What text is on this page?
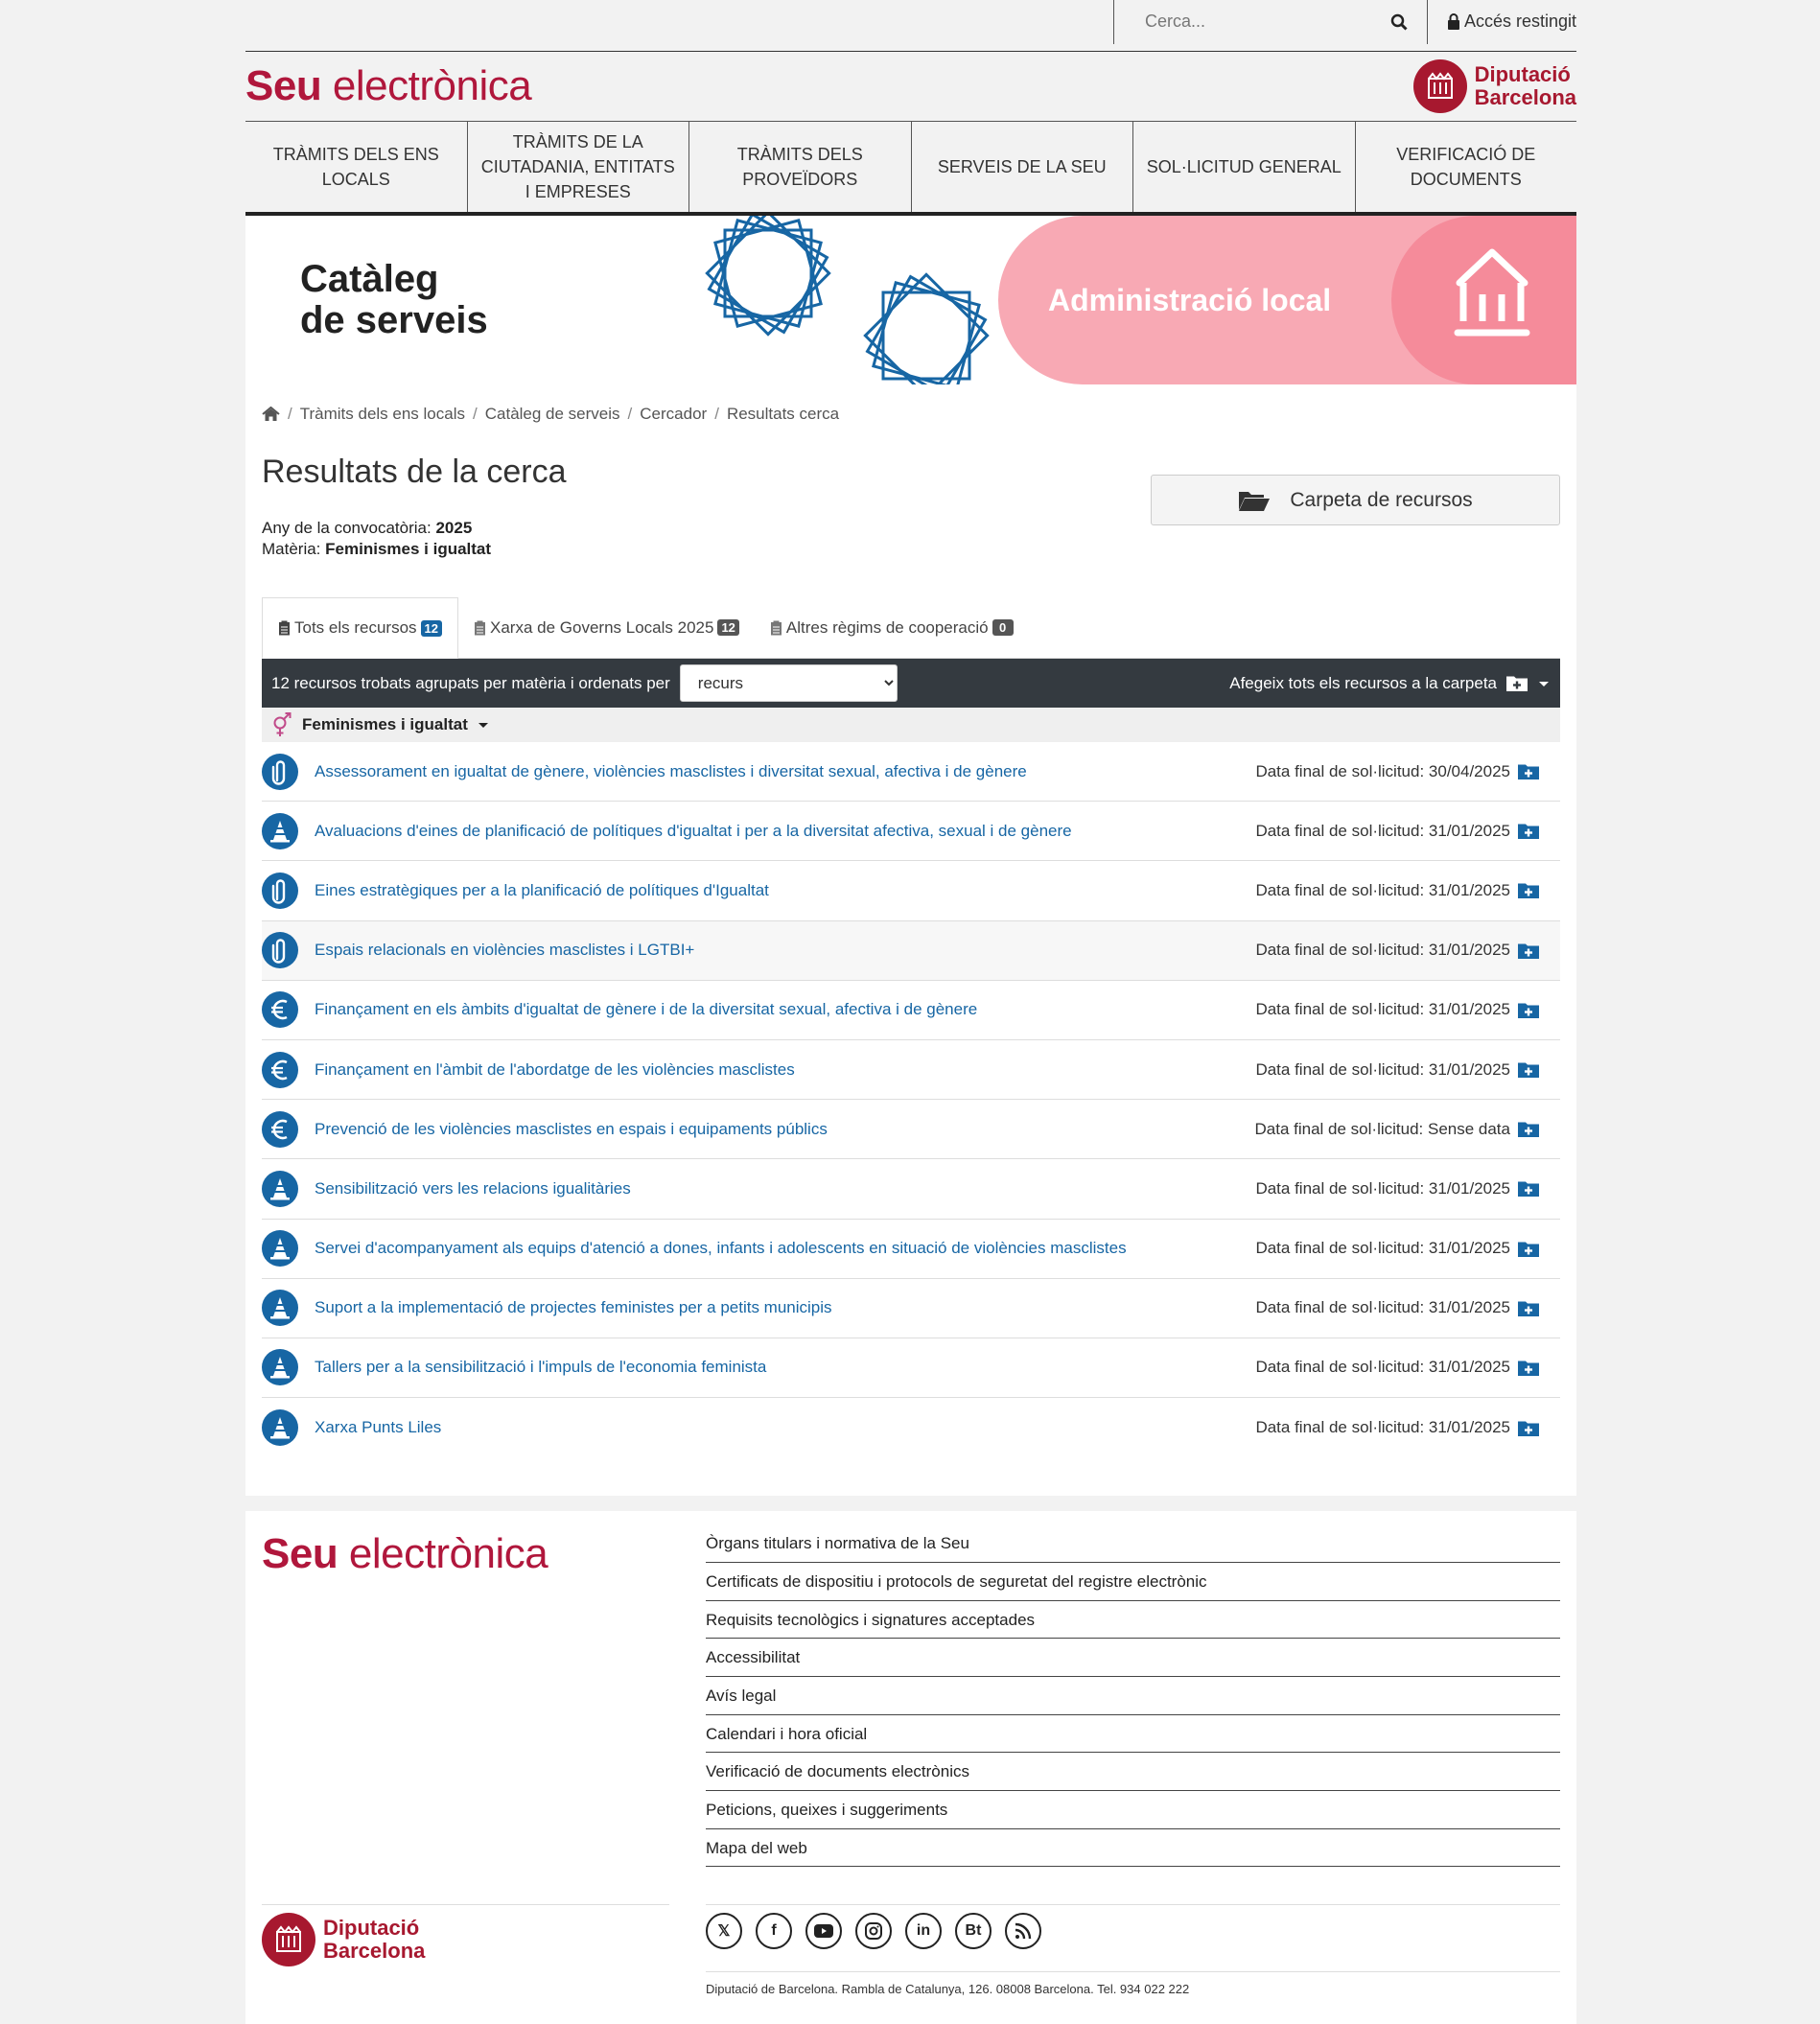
Cerca...
Accés restingit
Seu electrònica	Diputació
Barcelona
TRÀMITS DELS ENS LOCALS
TRÀMITS DE LA CIUTADANIA, ENTITATS I EMPRESES
TRÀMITS DELS PROVEÏDORS
SERVEIS DE LA SEU	SOL·LICITUD GENERAL
VERIFICACIÓ DE DOCUMENTS
Catàleg
de serveis	Administració local
/ Tràmits dels ens locals / Catàleg de serveis / Cercador / Resultats cerca
Resultats de la cerca
Any de la convocatòria: 2025
Matèria: Feminismes i igualtat
Carpeta de recursos
Tots els recursos 12	Xarxa de Governs Locals 2025 12	Altres règims de cooperació 0
12 recursos trobats agrupats per matèria i ordenats per
recurs	Afegeix tots els recursos a la carpeta
Feminismes i igualtat
Assessorament en igualtat de gènere, violències masclistes i diversitat sexual, afectiva i de gènere	Data final de sol·licitud: 30/04/2025
Avaluacions d'eines de planificació de polítiques d'igualtat i per a la diversitat afectiva, sexual i de gènere	Data final de sol·licitud: 31/01/2025
Eines estratègiques per a la planificació de polítiques d'Igualtat	Data final de sol·licitud: 31/01/2025
Espais relacionals en violències masclistes i LGTBI+	Data final de sol·licitud: 31/01/2025
Finançament en els àmbits d'igualtat de gènere i de la diversitat sexual, afectiva i de gènere	Data final de sol·licitud: 31/01/2025
Finançament en l'àmbit de l'abordatge de les violències masclistes	Data final de sol·licitud: 31/01/2025
Prevenció de les violències masclistes en espais i equipaments públics	Data final de sol·licitud: Sense data
Sensibilització vers les relacions igualitàries	Data final de sol·licitud: 31/01/2025
Servei d'acompanyament als equips d'atenció a dones, infants i adolescents en situació de violències masclistes	Data final de sol·licitud: 31/01/2025
Suport a la implementació de projectes feministes per a petits municipis	Data final de sol·licitud: 31/01/2025
Tallers per a la sensibilització i l'impuls de l'economia feminista	Data final de sol·licitud: 31/01/2025
Xarxa Punts Liles	Data final de sol·licitud: 31/01/2025
Seu electrònica	Òrgans titulars i normativa de la Seu
Certificats de dispositiu i protocols de seguretat del registre electrònic
Requisits tecnològics i signatures acceptades
Accessibilitat
Avís legal
Calendari i hora oficial
Verificació de documents electrònics
Peticions, queixes i suggeriments
Mapa del web
Diputació
Barcelona
𝕏	f	in	Bt
Diputació de Barcelona. Rambla de Catalunya, 126. 08008 Barcelona. Tel. 934 022 222
